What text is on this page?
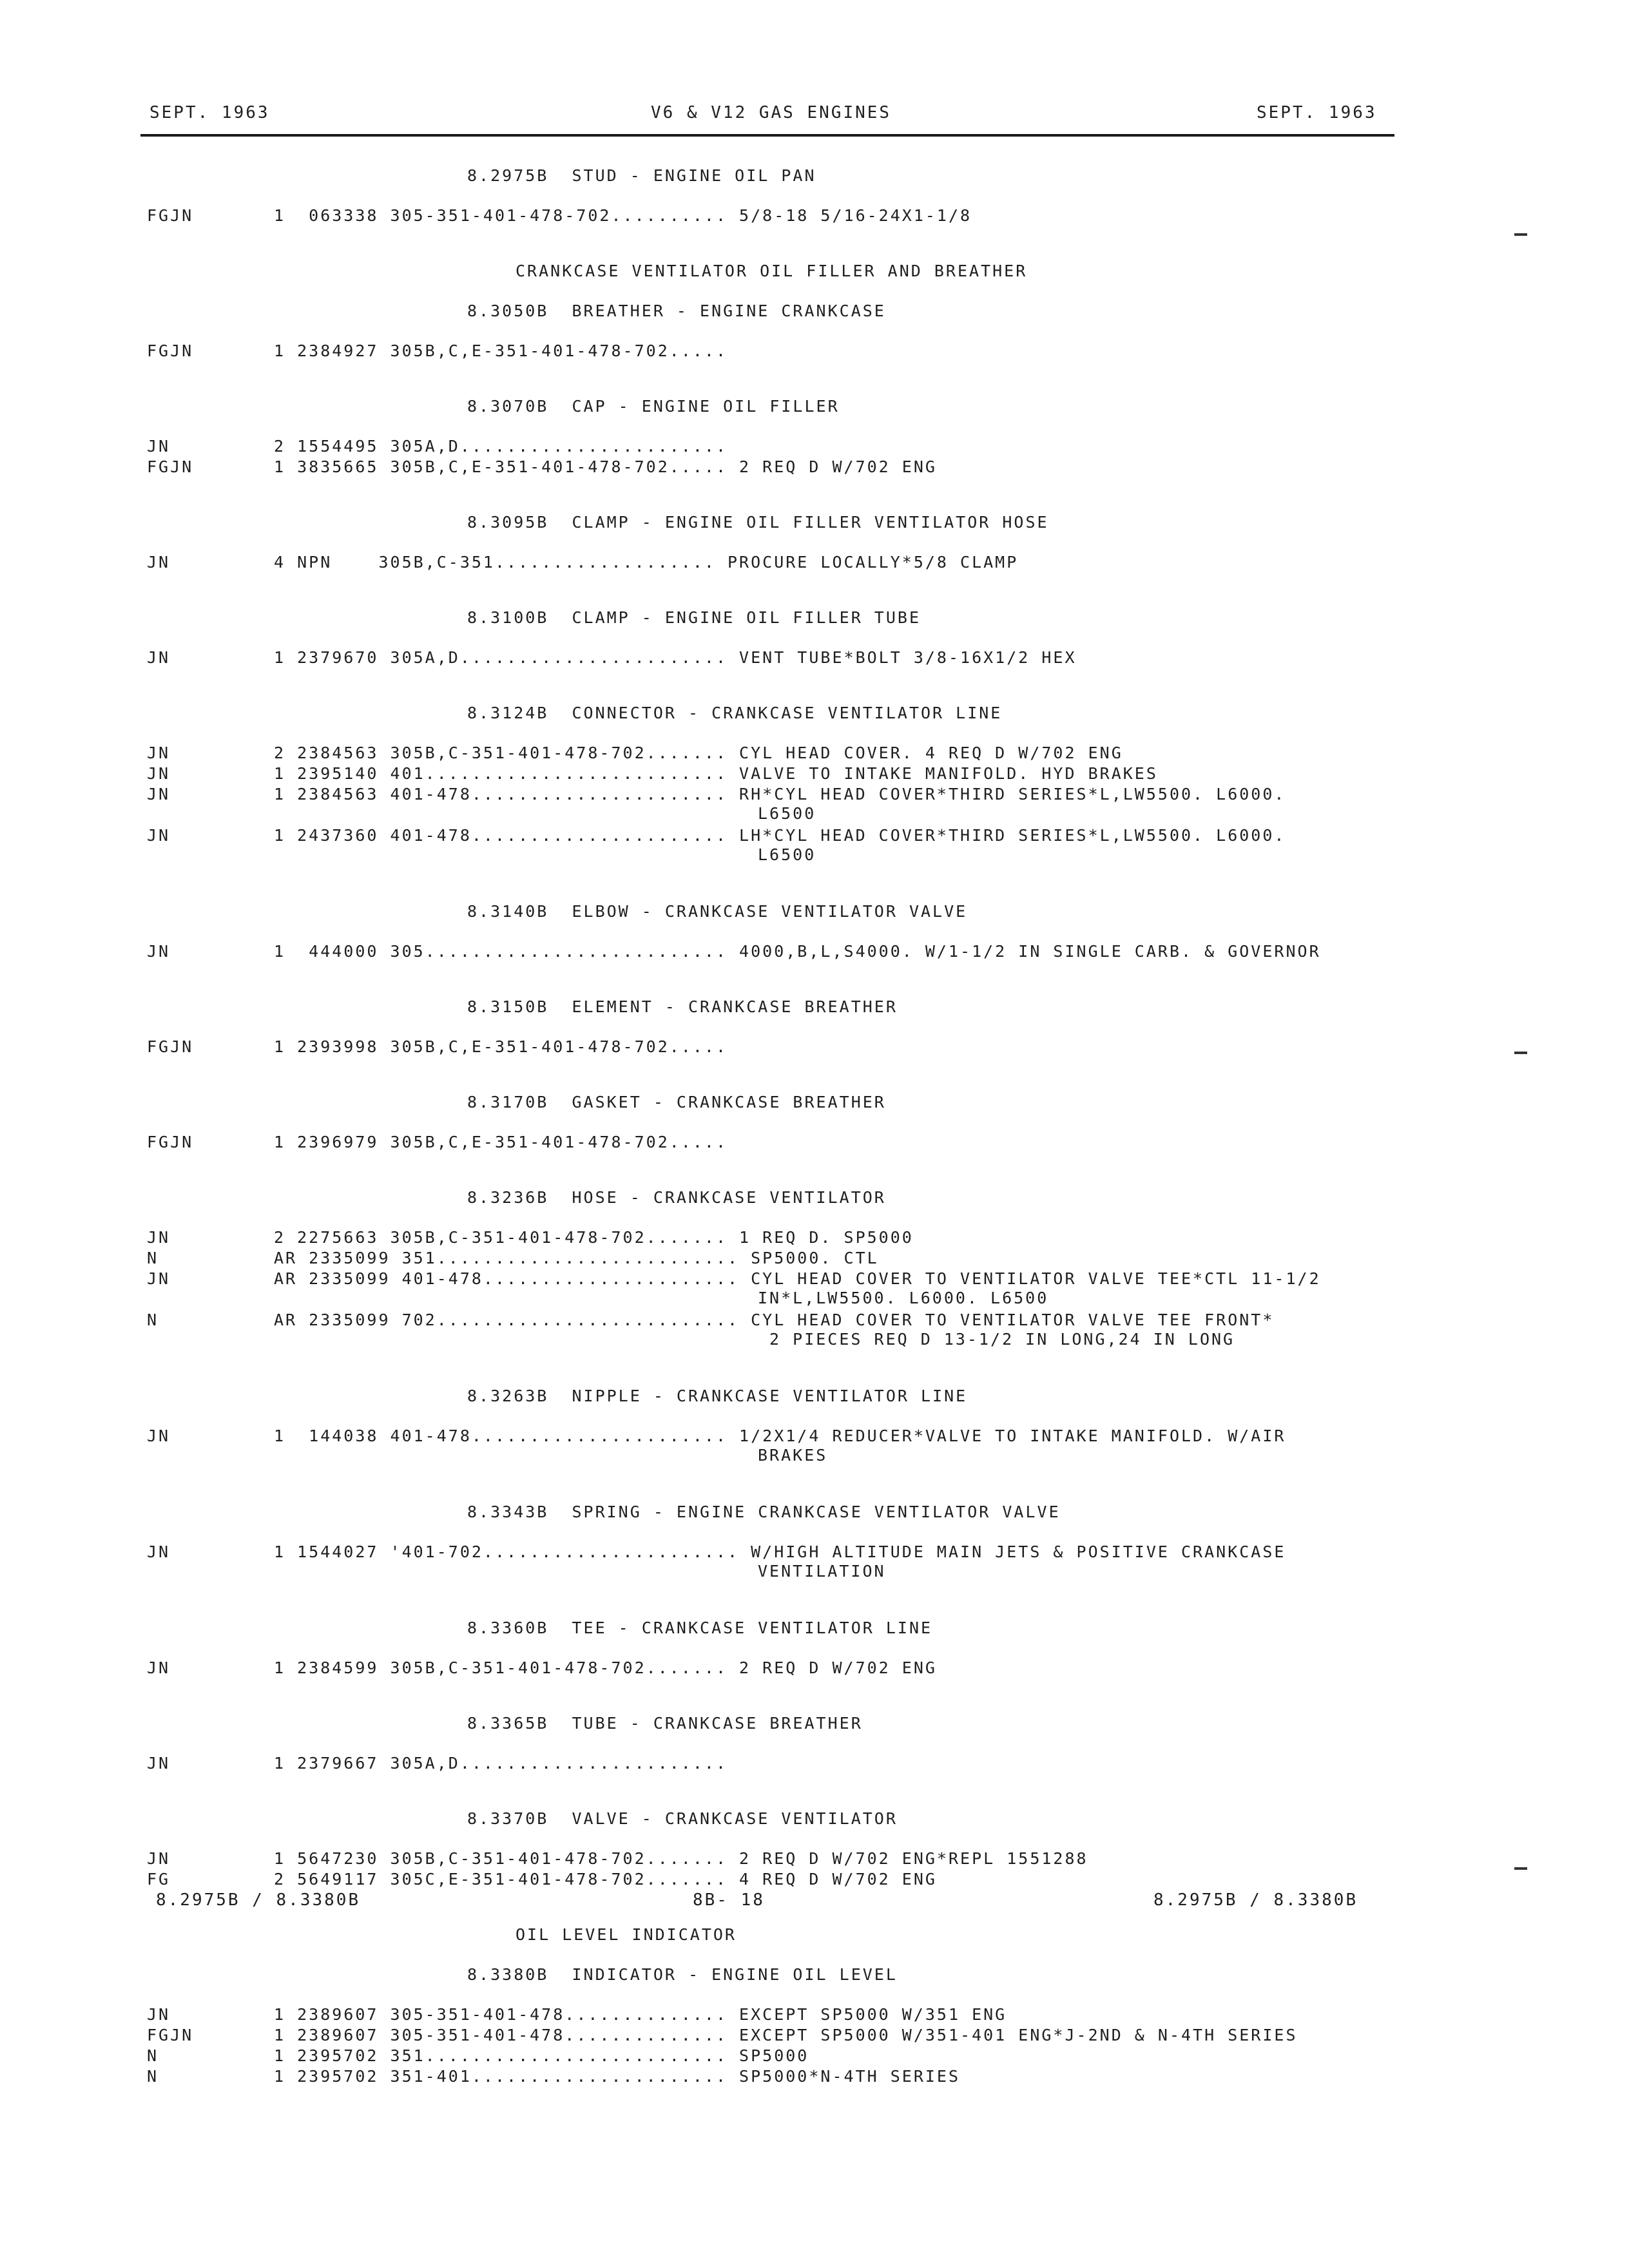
SEPT. 1963	V6 & V12 GAS ENGINES	SEPT. 1963
8.2975B  STUD - ENGINE OIL PAN
FGJN	1  063338 305-351-401-478-702.......... 5/8-18 5/16-24X1-1/8
CRANKCASE VENTILATOR OIL FILLER AND BREATHER
8.3050B  BREATHER - ENGINE CRANKCASE
FGJN	1 2384927 305B,C,E-351-401-478-702.....
8.3070B  CAP - ENGINE OIL FILLER
JN	2 1554495 305A,D.......................
FGJN	1 3835665 305B,C,E-351-401-478-702..... 2 REQ D W/702 ENG
8.3095B  CLAMP - ENGINE OIL FILLER VENTILATOR HOSE
JN	4 NPN    305B,C-351................... PROCURE LOCALLY*5/8 CLAMP
8.3100B  CLAMP - ENGINE OIL FILLER TUBE
JN	1 2379670 305A,D....................... VENT TUBE*BOLT 3/8-16X1/2 HEX
8.3124B  CONNECTOR - CRANKCASE VENTILATOR LINE
JN	2 2384563 305B,C-351-401-478-702....... CYL HEAD COVER. 4 REQ D W/702 ENG
JN	1 2395140 401.......................... VALVE TO INTAKE MANIFOLD. HYD BRAKES
JN	1 2384563 401-478...................... RH*CYL HEAD COVER*THIRD SERIES*L,LW5500. L6000.
L6500
JN	1 2437360 401-478...................... LH*CYL HEAD COVER*THIRD SERIES*L,LW5500. L6000.
L6500
8.3140B  ELBOW - CRANKCASE VENTILATOR VALVE
JN	1  444000 305.......................... 4000,B,L,S4000. W/1-1/2 IN SINGLE CARB. & GOVERNOR
8.3150B  ELEMENT - CRANKCASE BREATHER
FGJN	1 2393998 305B,C,E-351-401-478-702.....
8.3170B  GASKET - CRANKCASE BREATHER
FGJN	1 2396979 305B,C,E-351-401-478-702.....
8.3236B  HOSE - CRANKCASE VENTILATOR
JN	2 2275663 305B,C-351-401-478-702....... 1 REQ D. SP5000
N	AR 2335099 351.......................... SP5000. CTL
JN	AR 2335099 401-478...................... CYL HEAD COVER TO VENTILATOR VALVE TEE*CTL 11-1/2
IN*L,LW5500. L6000. L6500
N	AR 2335099 702.......................... CYL HEAD COVER TO VENTILATOR VALVE TEE FRONT*
2 PIECES REQ D 13-1/2 IN LONG,24 IN LONG
8.3263B  NIPPLE - CRANKCASE VENTILATOR LINE
JN	1  144038 401-478...................... 1/2X1/4 REDUCER*VALVE TO INTAKE MANIFOLD. W/AIR
BRAKES
8.3343B  SPRING - ENGINE CRANKCASE VENTILATOR VALVE
JN	1 1544027 '401-702...................... W/HIGH ALTITUDE MAIN JETS & POSITIVE CRANKCASE
VENTILATION
8.3360B  TEE - CRANKCASE VENTILATOR LINE
JN	1 2384599 305B,C-351-401-478-702....... 2 REQ D W/702 ENG
8.3365B  TUBE - CRANKCASE BREATHER
JN	1 2379667 305A,D.......................
8.3370B  VALVE - CRANKCASE VENTILATOR
JN	1 5647230 305B,C-351-401-478-702....... 2 REQ D W/702 ENG*REPL 1551288
FG	2 5649117 305C,E-351-401-478-702....... 4 REQ D W/702 ENG
OIL LEVEL INDICATOR
8.3380B  INDICATOR - ENGINE OIL LEVEL
JN	1 2389607 305-351-401-478.............. EXCEPT SP5000 W/351 ENG
FGJN	1 2389607 305-351-401-478.............. EXCEPT SP5000 W/351-401 ENG*J-2ND & N-4TH SERIES
N	1 2395702 351.......................... SP5000
N	1 2395702 351-401...................... SP5000*N-4TH SERIES
8.2975B / 8.3380B	8B- 18	8.2975B / 8.3380B
